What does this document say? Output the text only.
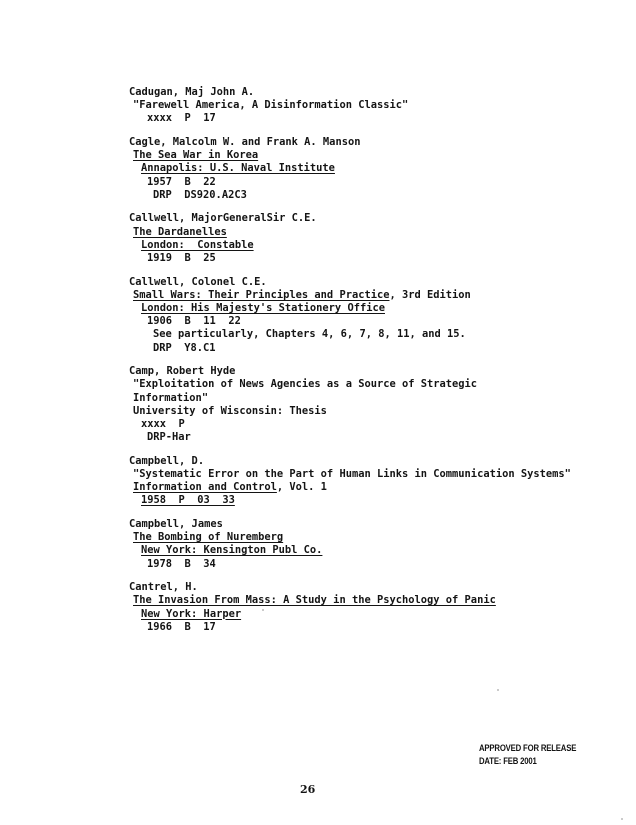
Cadugan, Maj John A.
"Farewell America, A Disinformation Classic"
xxxx  P  17
Cagle, Malcolm W. and Frank A. Manson
The Sea War in Korea
Annapolis: U.S. Naval Institute
1957  B  22
DRP  DS920.A2C3
Callwell, MajorGeneralSir C.E.
The Dardanelles
London:  Constable
1919  B  25
Callwell, Colonel C.E.
Small Wars: Their Principles and Practice, 3rd Edition
London: His Majesty's Stationery Office
1906  B  11  22
See particularly, Chapters 4, 6, 7, 8, 11, and 15.
DRP  Y8.C1
Camp, Robert Hyde
"Exploitation of News Agencies as a Source of Strategic
Information"
University of Wisconsin: Thesis
xxxx  P
DRP-Har
Campbell, D.
"Systematic Error on the Part of Human Links in Communication Systems"
Information and Control, Vol. 1
1958  P  03  33
Campbell, James
The Bombing of Nuremberg
New York: Kensington Publ Co.
1978  B  34
Cantrel, H.
The Invasion From Mass: A Study in the Psychology of Panic
New York: Harper
1966  B  17
APPROVED FOR RELEASE
DATE: FEB 2001
26
